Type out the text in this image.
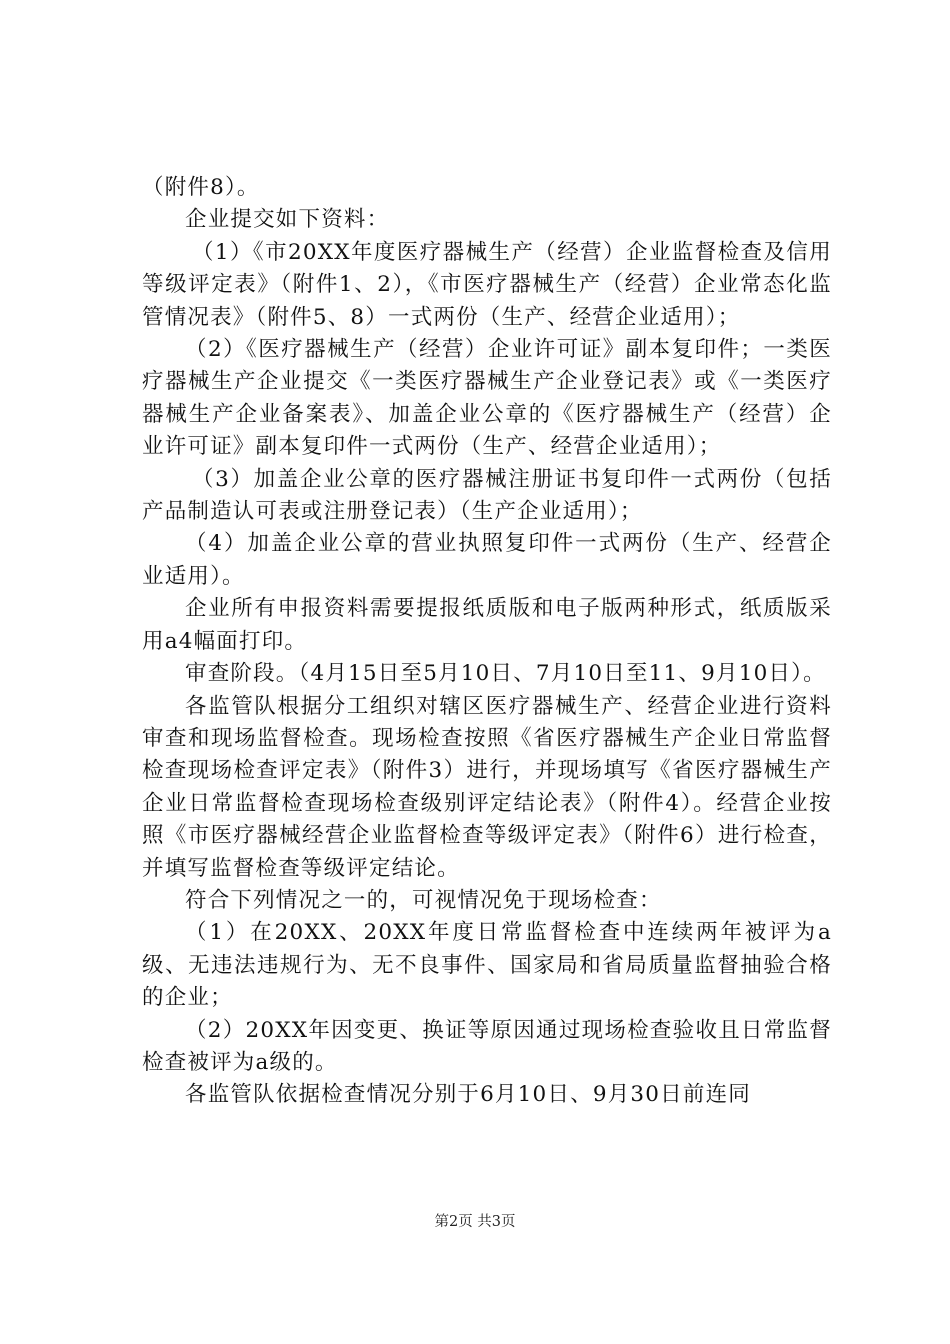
（附件8）。

企业提交如下资料：

（1）《市20XX年度医疗器械生产（经营）企业监督检查及信用等级评定表》（附件1、2），《市医疗器械生产（经营）企业常态化监管情况表》（附件5、8）一式两份（生产、经营企业适用）；

（2）《医疗器械生产（经营）企业许可证》副本复印件；一类医疗器械生产企业提交《一类医疗器械生产企业登记表》或《一类医疗器械生产企业备案表》、加盖企业公章的《医疗器械生产（经营）企业许可证》副本复印件一式两份（生产、经营企业适用）；

（3）加盖企业公章的医疗器械注册证书复印件一式两份（包括产品制造认可表或注册登记表）（生产企业适用）；

（4）加盖企业公章的营业执照复印件一式两份（生产、经营企业适用）。

企业所有申报资料需要提报纸质版和电子版两种形式，纸质版采用a4幅面打印。

审查阶段。（4月15日至5月10日、7月10日至11、9月10日）。

各监管队根据分工组织对辖区医疗器械生产、经营企业进行资料审查和现场监督检查。现场检查按照《省医疗器械生产企业日常监督检查现场检查评定表》（附件3）进行，并现场填写《省医疗器械生产企业日常监督检查现场检查级别评定结论表》（附件4）。经营企业按照《市医疗器械经营企业监督检查等级评定表》（附件6）进行检查，并填写监督检查等级评定结论。

符合下列情况之一的，可视情况免于现场检查：

（1）在20XX、20XX年度日常监督检查中连续两年被评为a级、无违法违规行为、无不良事件、国家局和省局质量监督抽验合格的企业；

（2）20XX年因变更、换证等原因通过现场检查验收且日常监督检查被评为a级的。

各监管队依据检查情况分别于6月10日、9月30日前连同

第2页 共3页
